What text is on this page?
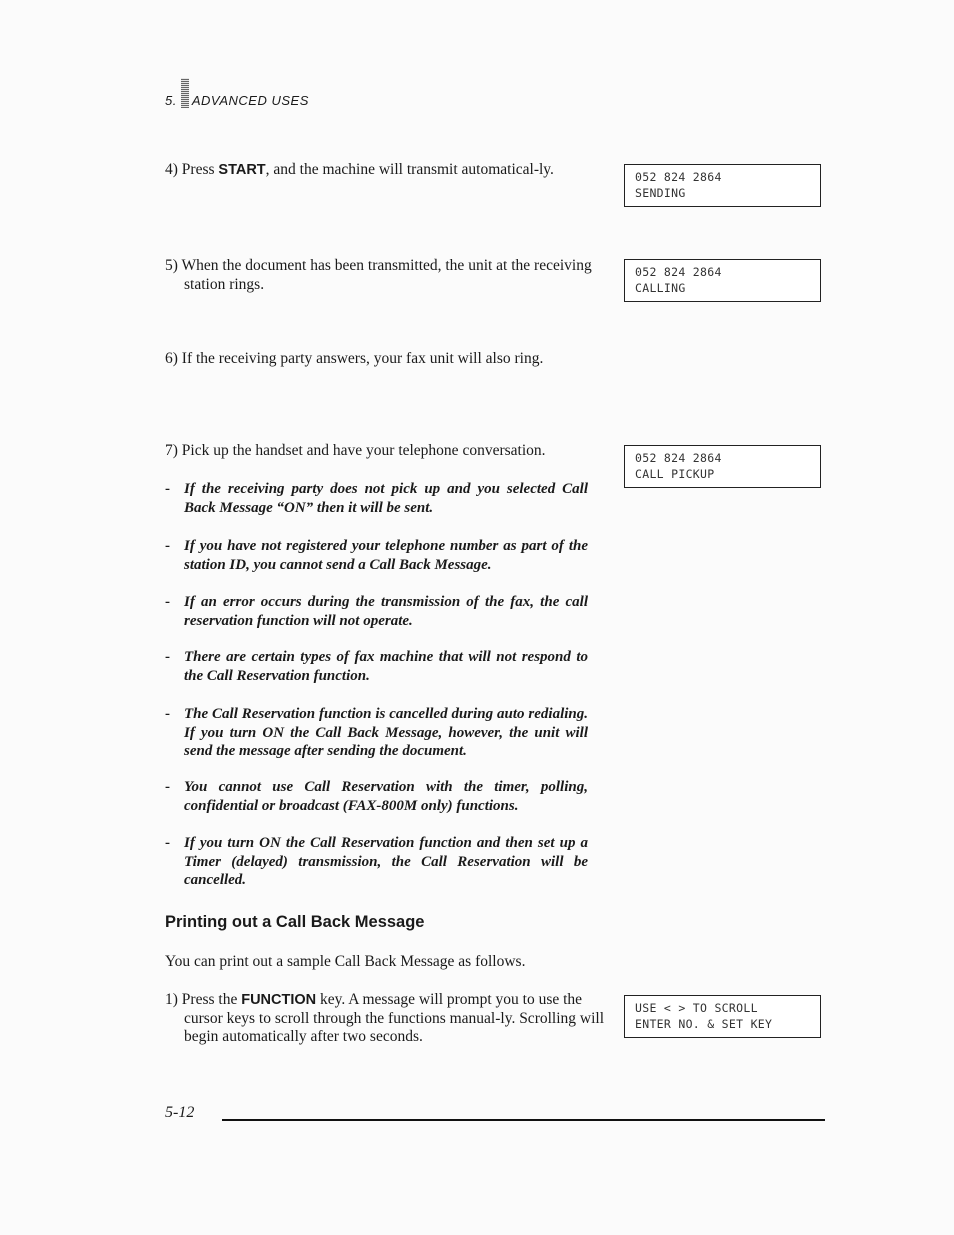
5. ADVANCED USES
4) Press START, and the machine will transmit automatical-ly.	052 824 2864
SENDING
5) When the document has been transmitted, the unit at the receiving station rings.
052 824 2864
CALLING
6) If the receiving party answers, your fax unit will also ring.
7) Pick up the handset and have your telephone conversation.	052 824 2864
CALL PICKUP
- If the receiving party does not pick up and you selected Call Back Message “ON” then it will be sent.
- If you have not registered your telephone number as part of the station ID, you cannot send a Call Back Message.
- If an error occurs during the transmission of the fax, the call reservation function will not operate.
- There are certain types of fax machine that will not respond to the Call Reservation function.
- The Call Reservation function is cancelled during auto redialing. If you turn ON the Call Back Message, however, the unit will send the message after sending the document.
- You cannot use Call Reservation with the timer, polling, confidential or broadcast (FAX-800M only) functions.
- If you turn ON the Call Reservation function and then set up a Timer (delayed) transmission, the Call Reservation will be cancelled.
Printing out a Call Back Message
You can print out a sample Call Back Message as follows.
1) Press the FUNCTION key. A message will prompt you to use the cursor keys to scroll through the functions manual-ly. Scrolling will begin automatically after two seconds.
USE < > TO SCROLL
ENTER NO. & SET KEY
5-12
